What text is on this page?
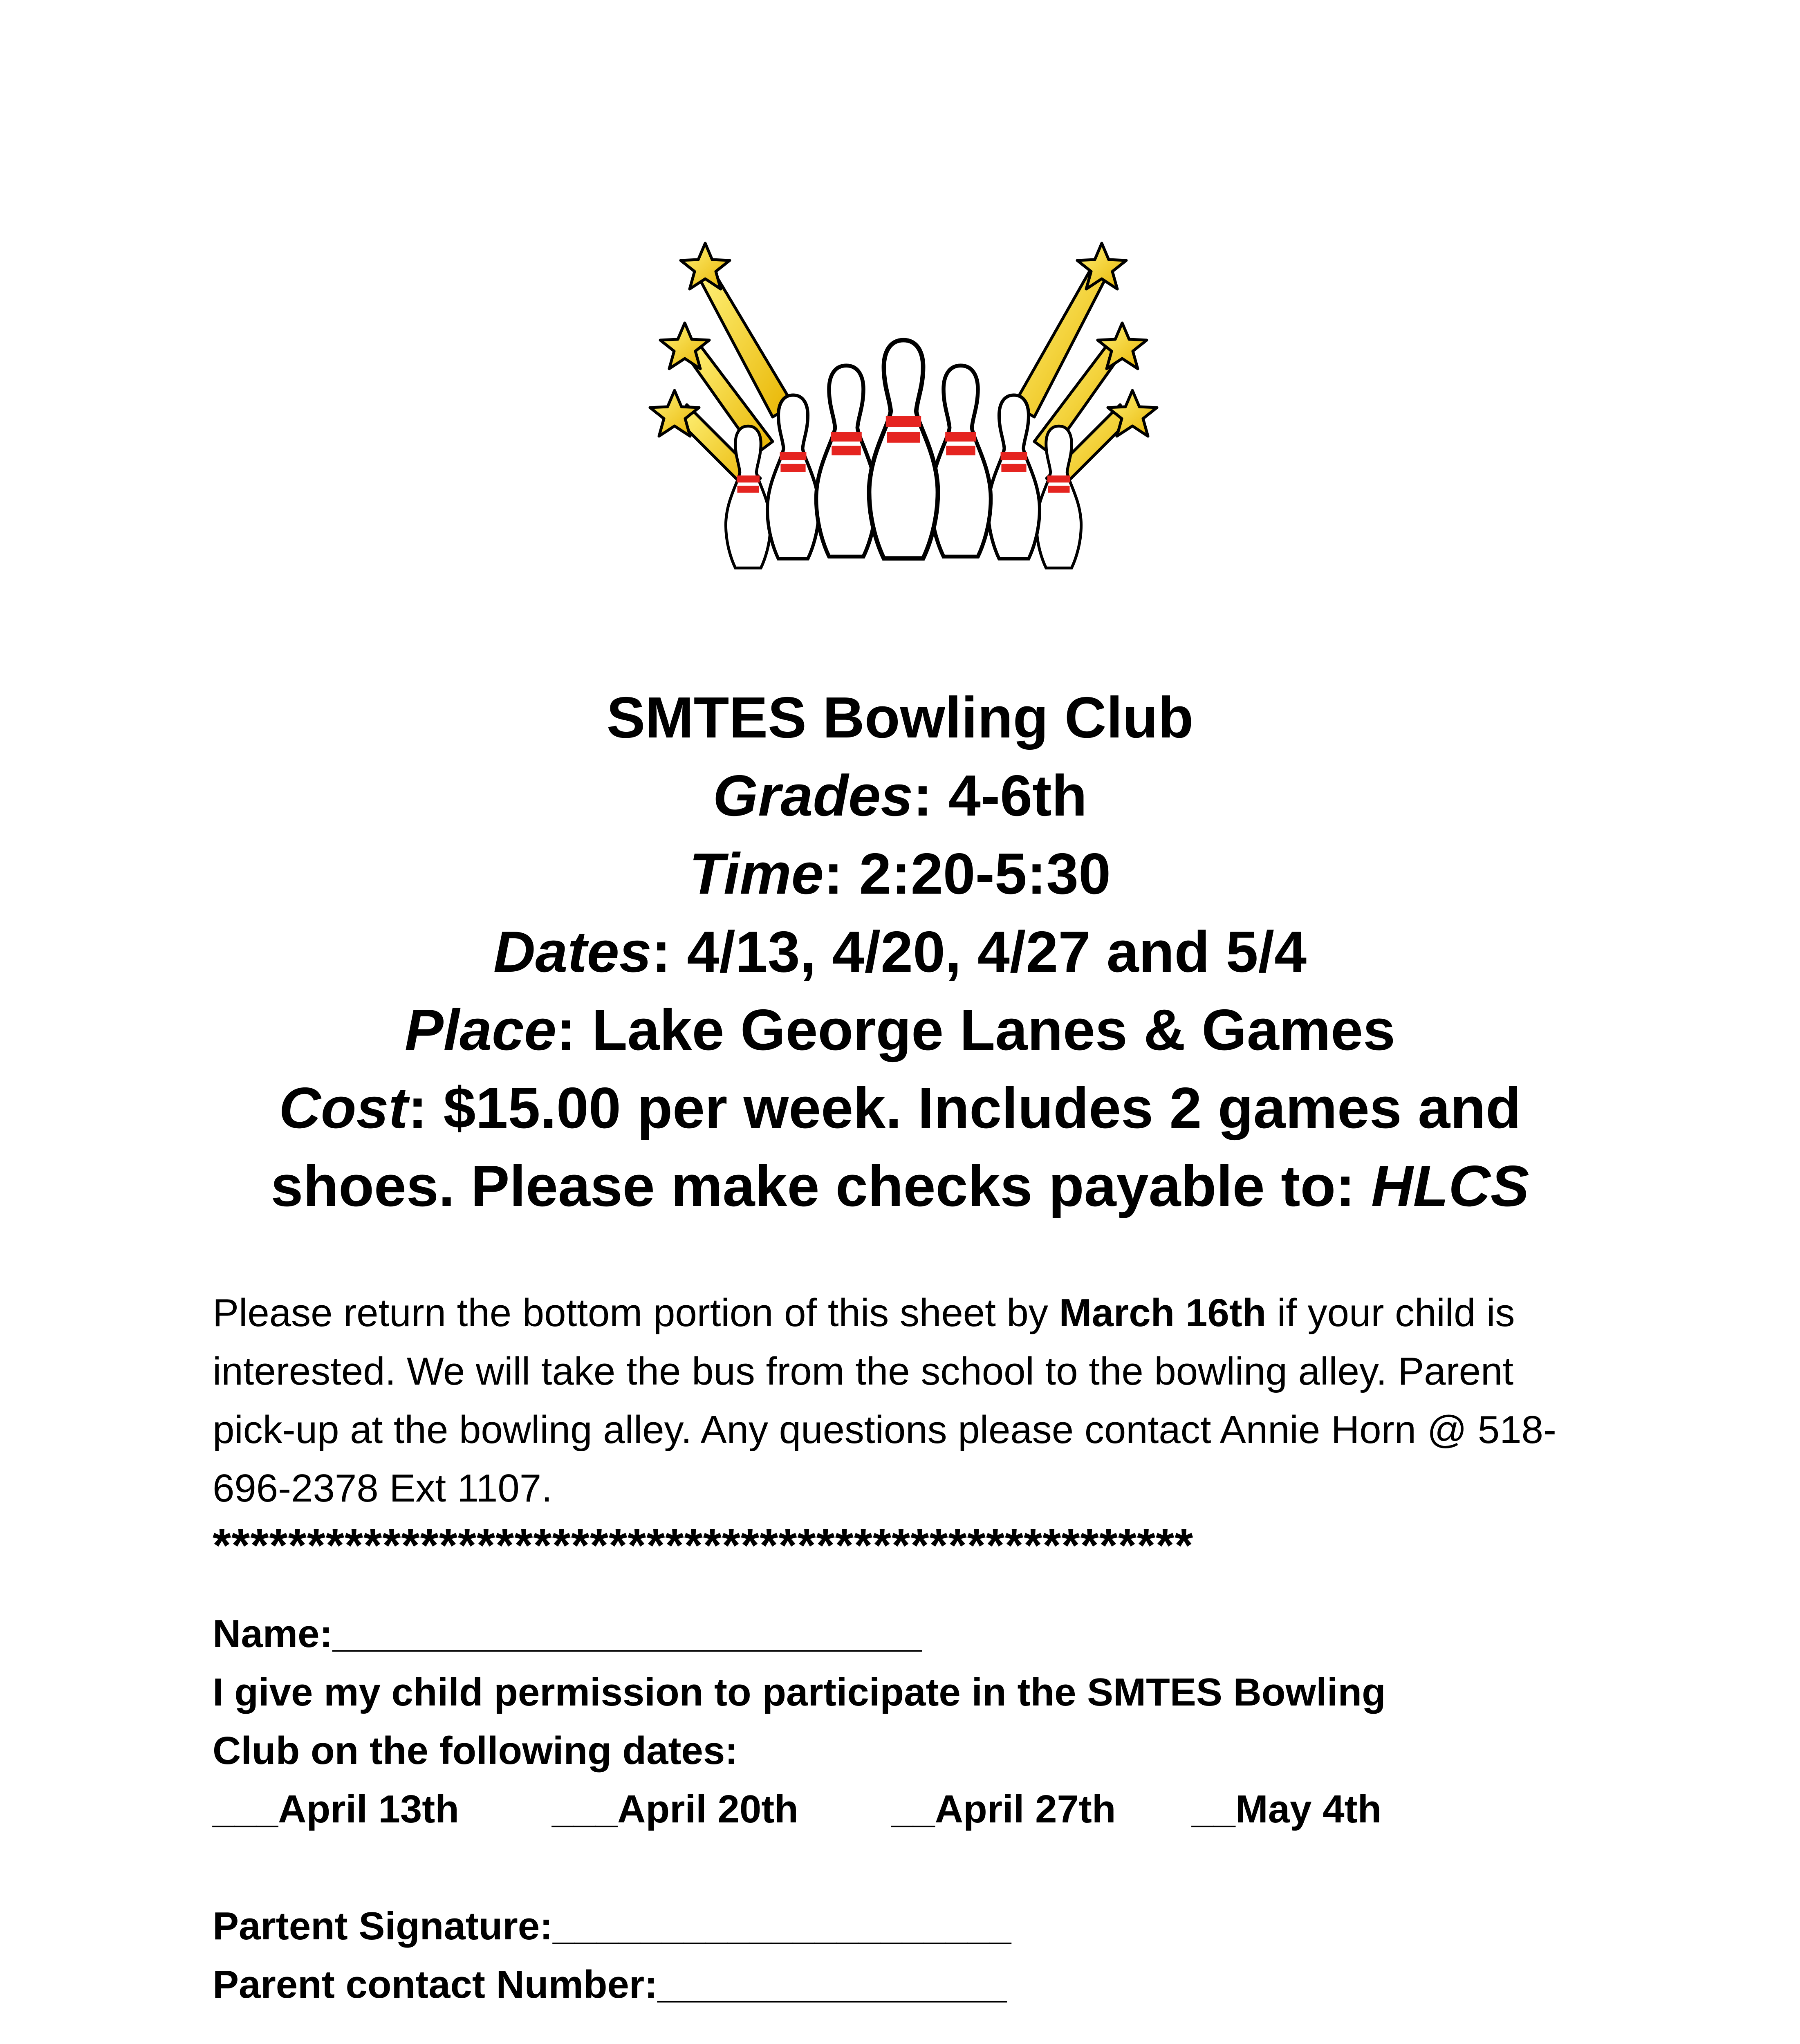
SMTES Bowling Club
Grades: 4-6th
Time: 2:20-5:30
Dates: 4/13, 4/20, 4/27 and 5/4
Place: Lake George Lanes & Games
Cost: $15.00 per week. Includes 2 games and
shoes. Please make checks payable to: HLCS

Please return the bottom portion of this sheet by March 16th if your child is interested. We will take the bus from the school to the bowling alley. Parent pick-up at the bowling alley. Any questions please contact Annie Horn @ 518-696-2378 Ext 1107.

****************************************************
Name:___________________________
I give my child permission to participate in the SMTES Bowling
Club on the following dates:
___April 13th ___April 20th __April 27th __May 4th
Partent Signature:_____________________
Parent contact Number:________________
